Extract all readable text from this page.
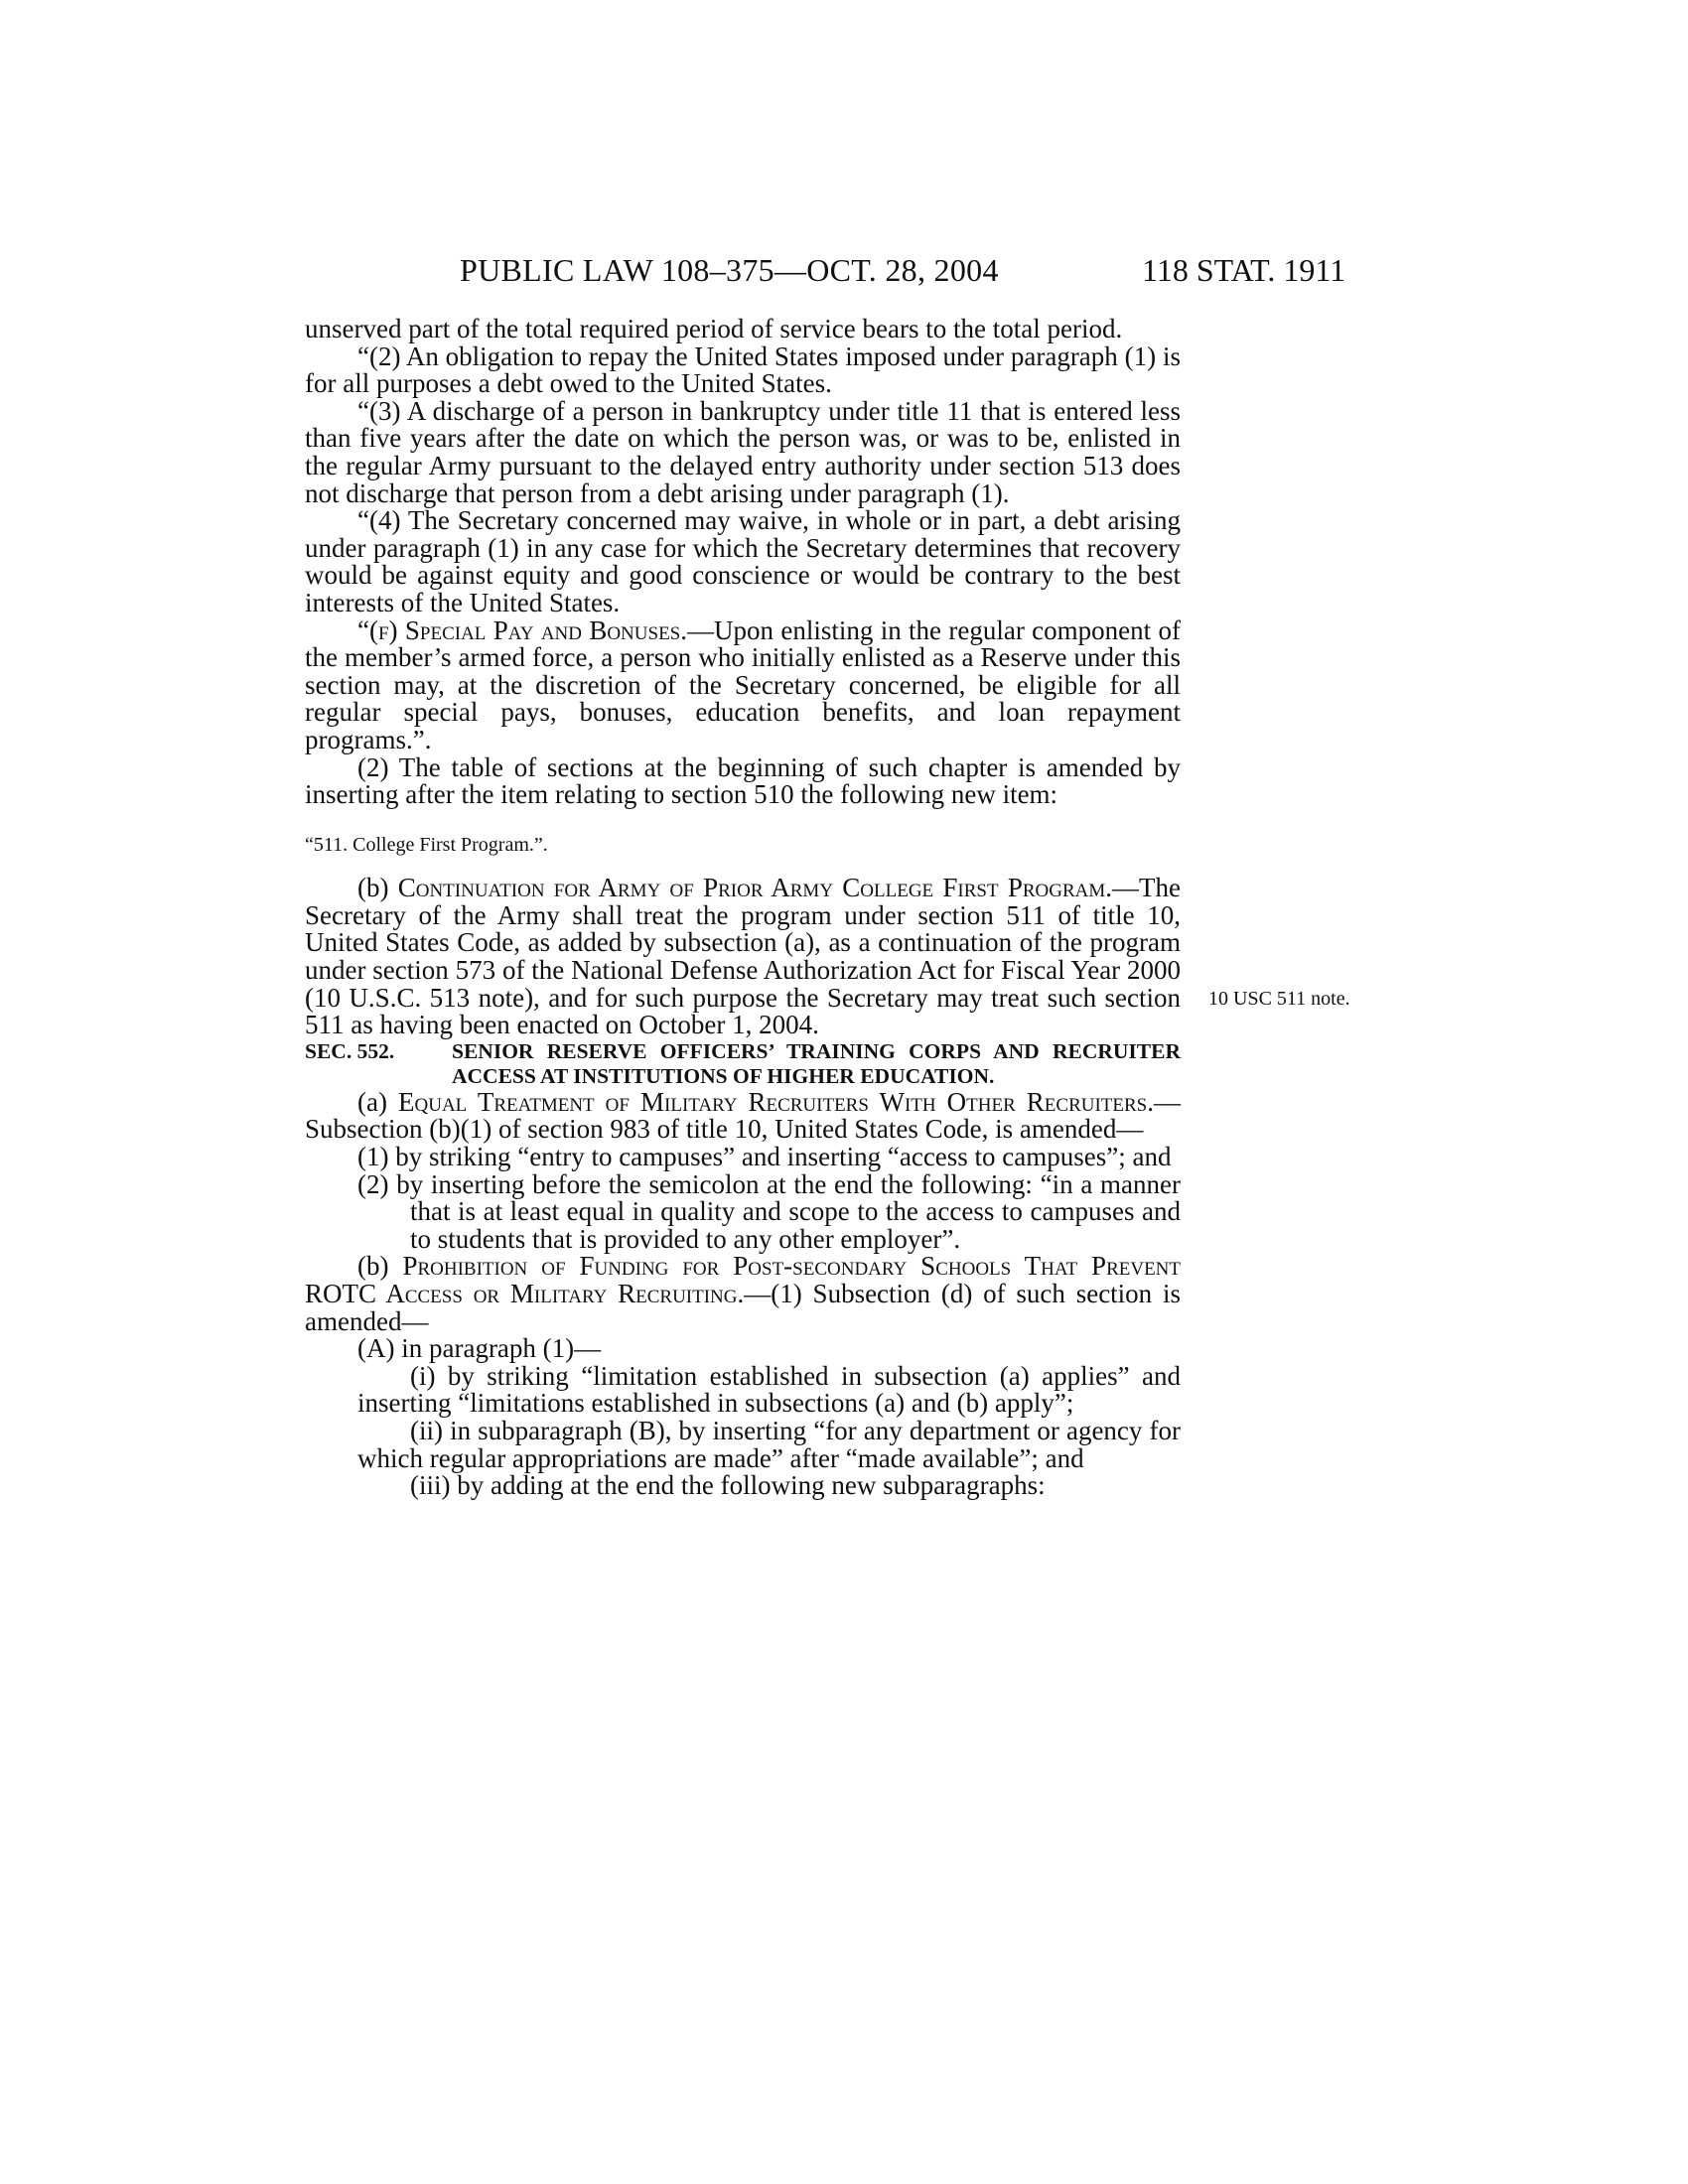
PUBLIC LAW 108–375—OCT. 28, 2004	118 STAT. 1911
10 USC 511 note.

unserved part of the total required period of service bears to the total period.

“(2) An obligation to repay the United States imposed under paragraph (1) is for all purposes a debt owed to the United States.

“(3) A discharge of a person in bankruptcy under title 11 that is entered less than five years after the date on which the person was, or was to be, enlisted in the regular Army pursuant to the delayed entry authority under section 513 does not discharge that person from a debt arising under paragraph (1).

“(4) The Secretary concerned may waive, in whole or in part, a debt arising under paragraph (1) in any case for which the Secretary determines that recovery would be against equity and good conscience or would be contrary to the best interests of the United States.

“(f) Special Pay and Bonuses.—Upon enlisting in the regular component of the member’s armed force, a person who initially enlisted as a Reserve under this section may, at the discretion of the Secretary concerned, be eligible for all regular special pays, bonuses, education benefits, and loan repayment programs.”.

(2) The table of sections at the beginning of such chapter is amended by inserting after the item relating to section 510 the following new item:

“511. College First Program.”.

(b) Continuation for Army of Prior Army College First Program.—The Secretary of the Army shall treat the program under section 511 of title 10, United States Code, as added by subsection (a), as a continuation of the program under section 573 of the National Defense Authorization Act for Fiscal Year 2000 (10 U.S.C. 513 note), and for such purpose the Secretary may treat such section 511 as having been enacted on October 1, 2004.

SEC. 552.	SENIOR RESERVE OFFICERS’ TRAINING CORPS AND RECRUITER ACCESS AT INSTITUTIONS OF HIGHER EDUCATION.

(a) Equal Treatment of Military Recruiters With Other Recruiters.—Subsection (b)(1) of section 983 of title 10, United States Code, is amended—

(1) by striking “entry to campuses” and inserting “access to campuses”; and

(2) by inserting before the semicolon at the end the following: “in a manner that is at least equal in quality and scope to the access to campuses and to students that is provided to any other employer”.

(b) Prohibition of Funding for Post-secondary Schools That Prevent ROTC Access or Military Recruiting.—(1) Subsection (d) of such section is amended—

(A) in paragraph (1)—

(i) by striking “limitation established in subsection (a) applies” and inserting “limitations established in subsections (a) and (b) apply”;

(ii) in subparagraph (B), by inserting “for any department or agency for which regular appropriations are made” after “made available”; and

(iii) by adding at the end the following new subparagraphs:
